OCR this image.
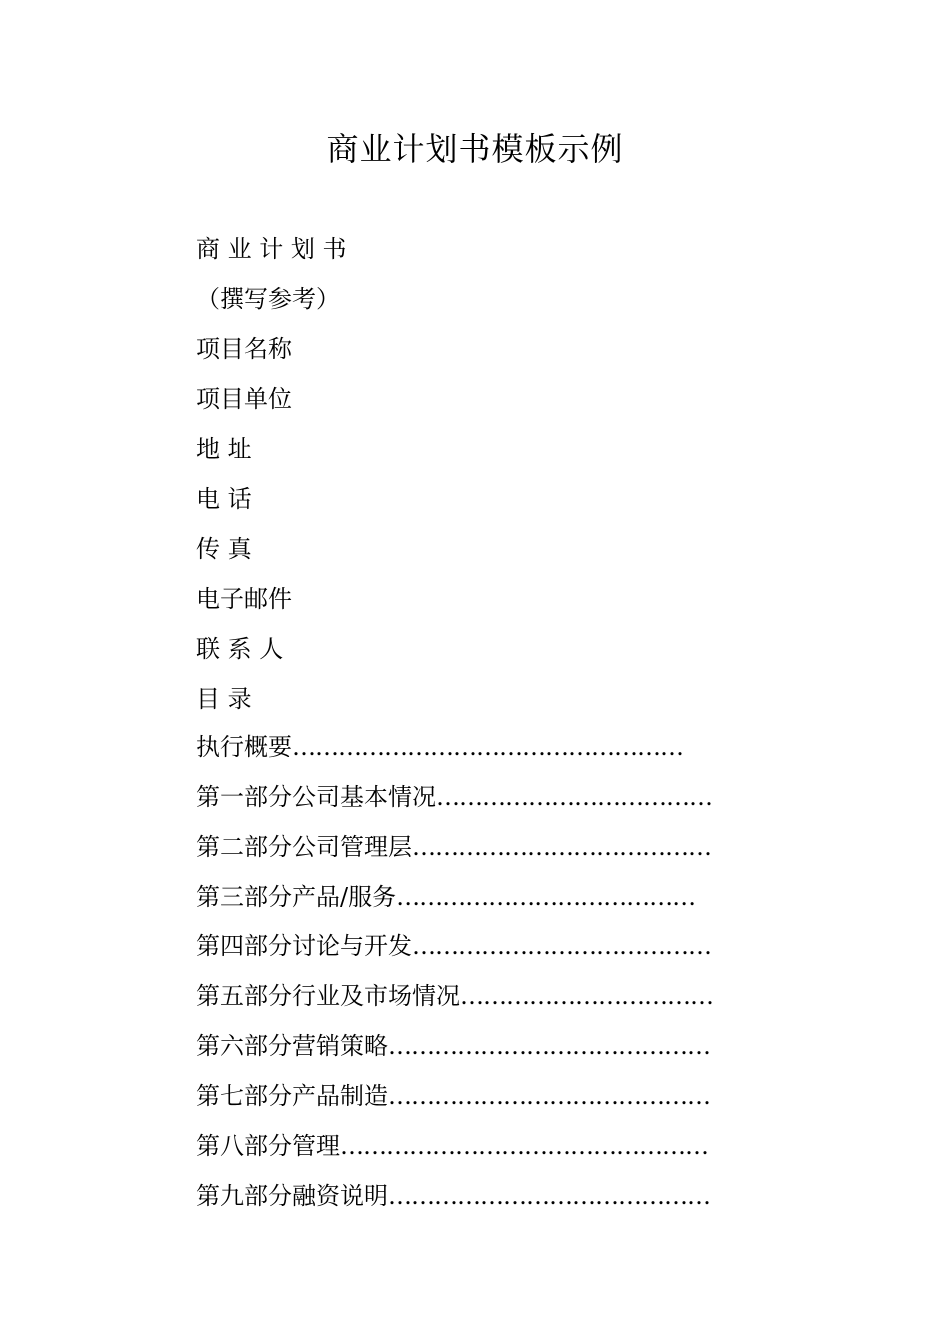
商业计划书模板示例
商 业 计 划 书
（撰写参考）
项目名称
项目单位
地 址
电 话
传 真
电子邮件
联 系 人
目 录
执行概要……………………………………………
第一部分公司基本情况………………………………
第二部分公司管理层…………………………………
第三部分产品/服务…………………………………
第四部分讨论与开发…………………………………
第五部分行业及市场情况……………………………
第六部分营销策略……………………………………
第七部分产品制造……………………………………
第八部分管理…………………………………………
第九部分融资说明……………………………………
